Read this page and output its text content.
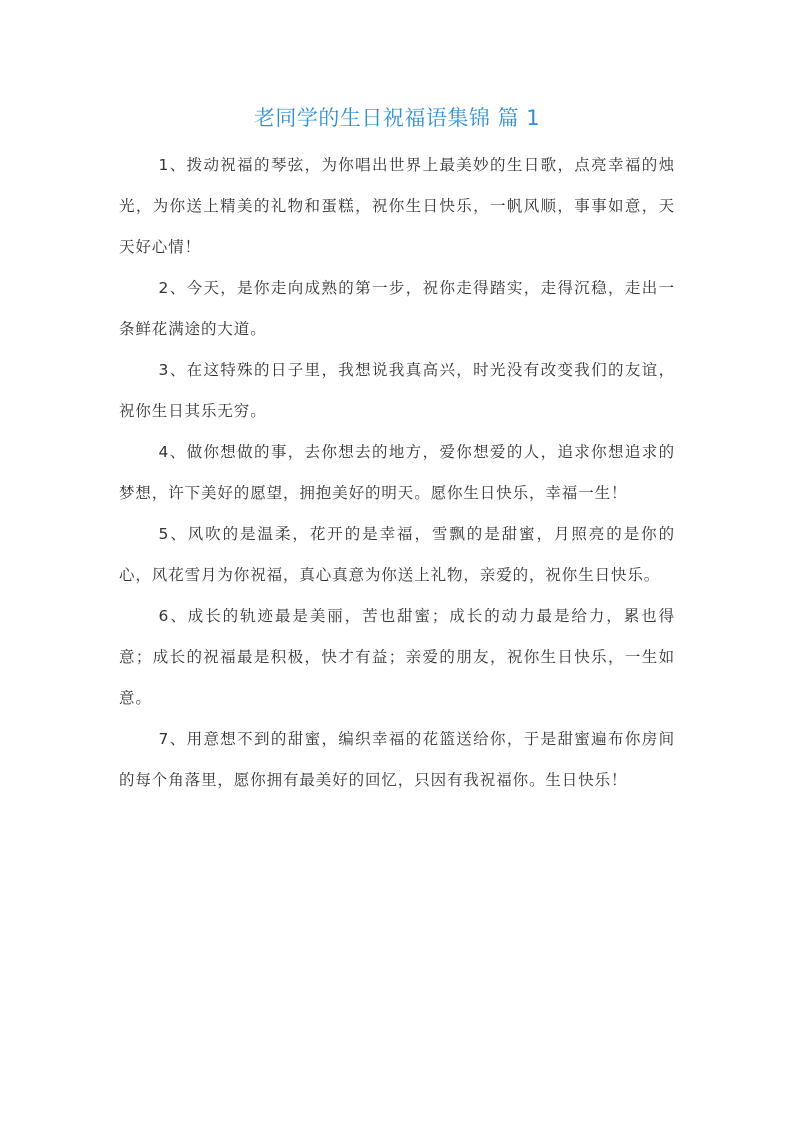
老同学的生日祝福语集锦 篇 1

1、拨动祝福的琴弦，为你唱出世界上最美妙的生日歌，点亮幸福的烛光，为你送上精美的礼物和蛋糕，祝你生日快乐，一帆风顺，事事如意，天天好心情！

2、今天，是你走向成熟的第一步，祝你走得踏实，走得沉稳，走出一条鲜花满途的大道。

3、在这特殊的日子里，我想说我真高兴，时光没有改变我们的友谊，祝你生日其乐无穷。

4、做你想做的事，去你想去的地方，爱你想爱的人，追求你想追求的梦想，许下美好的愿望，拥抱美好的明天。愿你生日快乐，幸福一生！

5、风吹的是温柔，花开的是幸福，雪飘的是甜蜜，月照亮的是你的心，风花雪月为你祝福，真心真意为你送上礼物，亲爱的，祝你生日快乐。

6、成长的轨迹最是美丽，苦也甜蜜；成长的动力最是给力，累也得意；成长的祝福最是积极，快才有益；亲爱的朋友，祝你生日快乐，一生如意。

7、用意想不到的甜蜜，编织幸福的花篮送给你，于是甜蜜遍布你房间的每个角落里，愿你拥有最美好的回忆，只因有我祝福你。生日快乐！
